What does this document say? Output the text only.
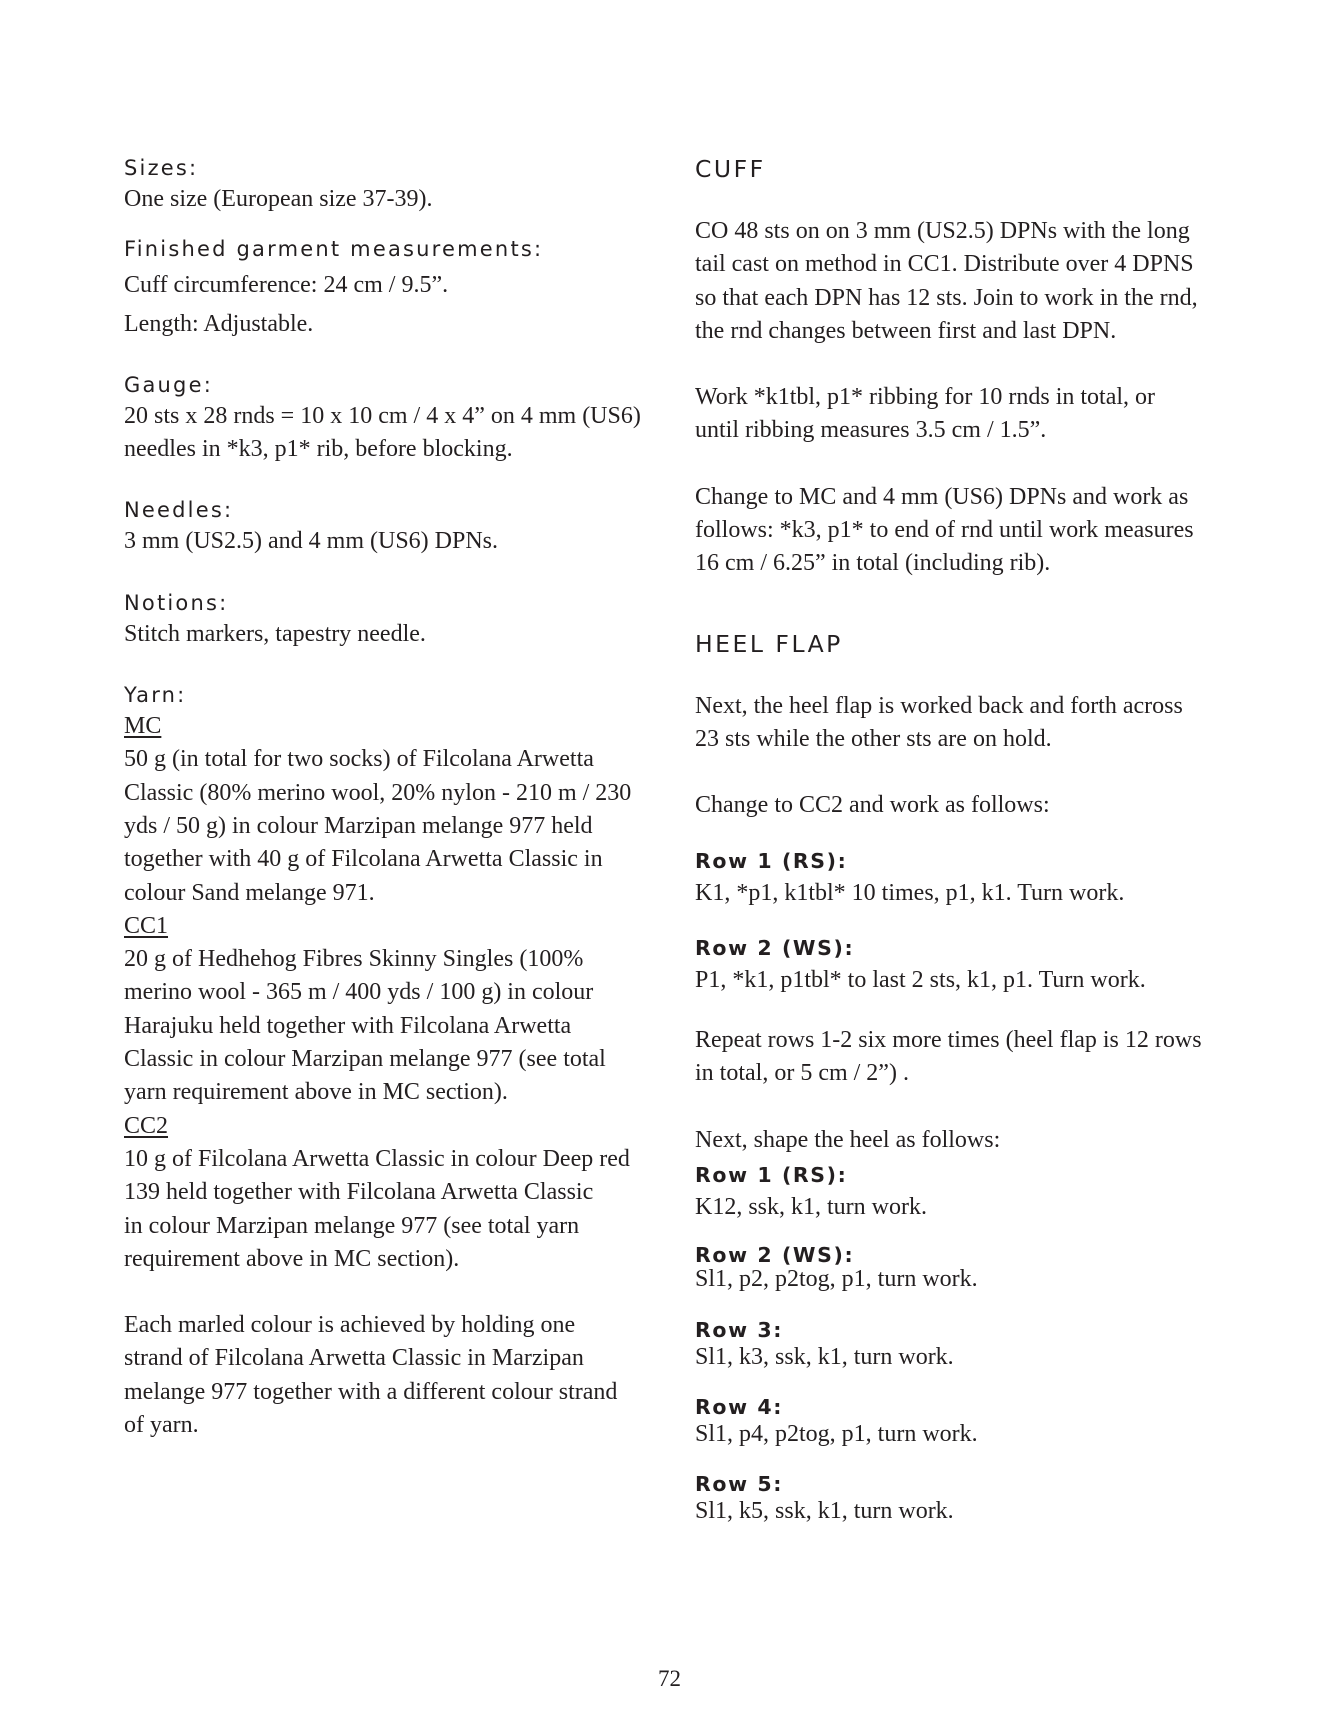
Sizes:

One size (European size 37-39).

Finished garment measurements:

Cuff circumference: 24 cm / 9.5”.

Length: Adjustable.

Gauge:

20 sts x 28 rnds = 10 x 10 cm / 4 x 4” on 4 mm (US6)

needles in *k3, p1* rib, before blocking.

Needles:

3 mm (US2.5) and 4 mm (US6) DPNs.

Notions:

Stitch markers, tapestry needle.

Yarn:

MC

50 g (in total for two socks) of Filcolana Arwetta

Classic (80% merino wool, 20% nylon - 210 m / 230

yds / 50 g) in colour Marzipan melange 977 held

together with 40 g of Filcolana Arwetta Classic in

colour Sand melange 971.

CC1

20 g of Hedhehog Fibres Skinny Singles (100%

merino wool - 365 m / 400 yds / 100 g) in colour

Harajuku held together with Filcolana Arwetta

Classic in colour Marzipan melange 977 (see total

yarn requirement above in MC section).

CC2

10 g of Filcolana Arwetta Classic in colour Deep red

139 held together with Filcolana Arwetta Classic

in colour Marzipan melange 977 (see total yarn

requirement above in MC section).

Each marled colour is achieved by holding one

strand of Filcolana Arwetta Classic in Marzipan

melange 977 together with a different colour strand

of yarn.

CUFF

CO 48 sts on on 3 mm (US2.5) DPNs with the long

tail cast on method in CC1. Distribute over 4 DPNS

so that each DPN has 12 sts. Join to work in the rnd,

the rnd changes between first and last DPN.

Work *k1tbl, p1* ribbing for 10 rnds in total, or

until ribbing measures 3.5 cm / 1.5”.

Change to MC and 4 mm (US6) DPNs and work as

follows: *k3, p1* to end of rnd until work measures

16 cm / 6.25” in total (including rib).

HEEL FLAP

Next, the heel flap is worked back and forth across

23 sts while the other sts are on hold.

Change to CC2 and work as follows:

Row 1 (RS):

K1, *p1, k1tbl* 10 times, p1, k1. Turn work.

Row 2 (WS):

P1, *k1, p1tbl* to last 2 sts, k1, p1. Turn work.

Repeat rows 1-2 six more times (heel flap is 12 rows

in total, or 5 cm / 2”) .

Next, shape the heel as follows:

Row 1 (RS):

K12, ssk, k1, turn work.

Row 2 (WS):

Sl1, p2, p2tog, p1, turn work.

Row 3:

Sl1, k3, ssk, k1, turn work.

Row 4:

Sl1, p4, p2tog, p1, turn work.

Row 5:

Sl1, k5, ssk, k1, turn work.

72
